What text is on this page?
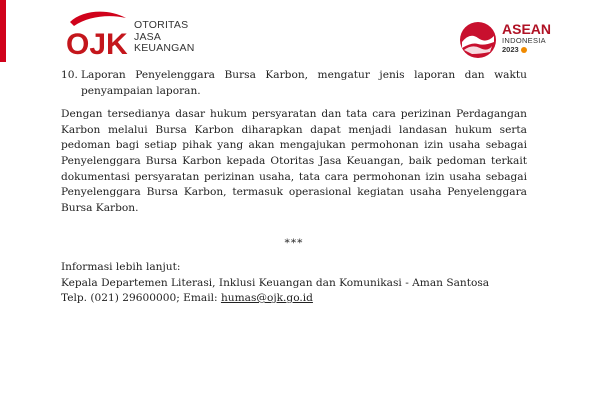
OJK
OTORITAS
JASA
KEUANGAN
ASEAN
INDONESIA
2023
10. Laporan Penyelenggara Bursa Karbon, mengatur jenis laporan dan waktu
penyampaian laporan.
Dengan tersedianya dasar hukum persyaratan dan tata cara perizinan Perdagangan Karbon melalui Bursa Karbon diharapkan dapat menjadi landasan hukum serta pedoman bagi setiap pihak yang akan mengajukan permohonan izin usaha sebagai Penyelenggara Bursa Karbon kepada Otoritas Jasa Keuangan, baik pedoman terkait dokumentasi persyaratan perizinan usaha, tata cara permohonan izin usaha sebagai Penyelenggara Bursa Karbon, termasuk operasional kegiatan usaha Penyelenggara Bursa Karbon.
***
Informasi lebih lanjut:
Kepala Departemen Literasi, Inklusi Keuangan dan Komunikasi - Aman Santosa
Telp. (021) 29600000; Email: humas@ojk.go.id
